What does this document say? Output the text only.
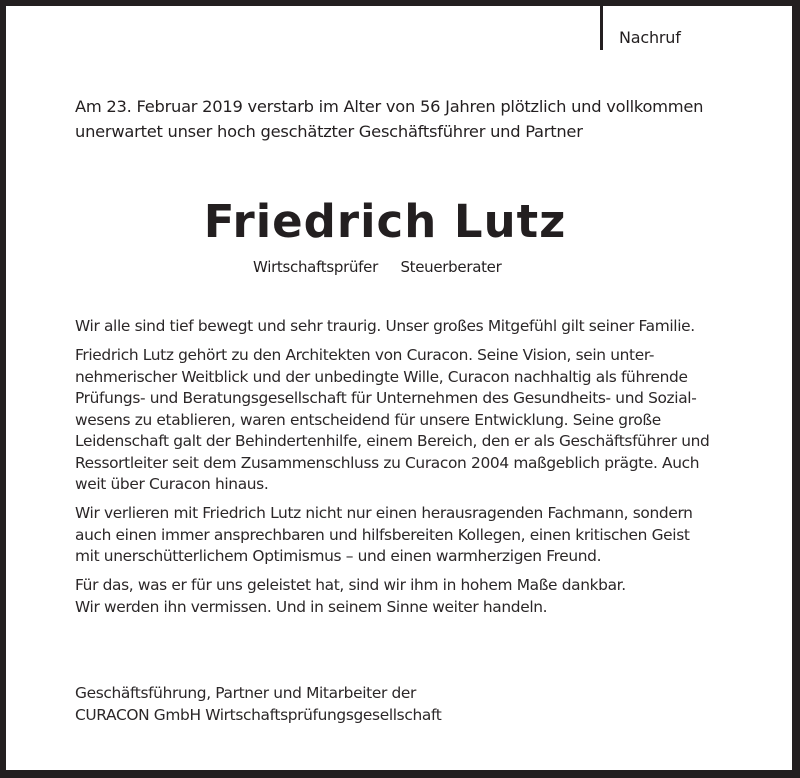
Nachruf
Am 23. Februar 2019 verstarb im Alter von 56 Jahren plötzlich und vollkommen
unerwartet unser hoch geschätzter Geschäftsführer und Partner
Friedrich Lutz
Wirtschaftsprüfer Steuerberater

Wir alle sind tief bewegt und sehr traurig. Unser großes Mitgefühl gilt seiner Familie.

Friedrich Lutz gehört zu den Architekten von Curacon. Seine Vision, sein unter-
nehmerischer Weitblick und der unbedingte Wille, Curacon nachhaltig als führende
Prüfungs- und Beratungsgesellschaft für Unternehmen des Gesundheits- und Sozial-
wesens zu etablieren, waren entscheidend für unsere Entwicklung. Seine große
Leidenschaft galt der Behindertenhilfe, einem Bereich, den er als Geschäftsführer und
Ressortleiter seit dem Zusammenschluss zu Curacon 2004 maßgeblich prägte. Auch
weit über Curacon hinaus.

Wir verlieren mit Friedrich Lutz nicht nur einen herausragenden Fachmann, sondern
auch einen immer ansprechbaren und hilfsbereiten Kollegen, einen kritischen Geist
mit unerschütterlichem Optimismus – und einen warmherzigen Freund.

Für das, was er für uns geleistet hat, sind wir ihm in hohem Maße dankbar.
Wir werden ihn vermissen. Und in seinem Sinne weiter handeln.

Geschäftsführung, Partner und Mitarbeiter der
CURACON GmbH Wirtschaftsprüfungsgesellschaft
